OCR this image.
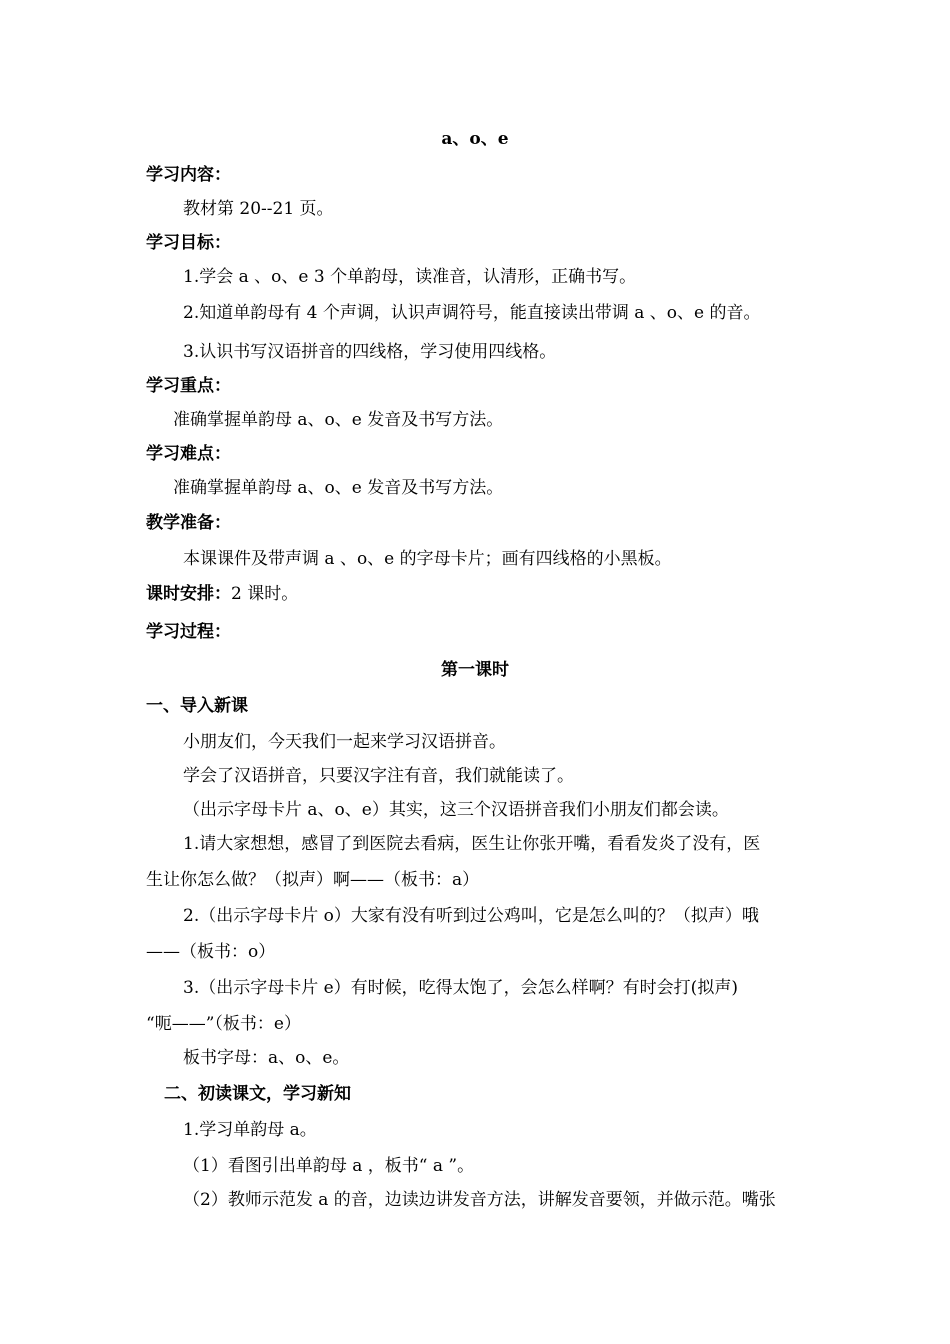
a、o、e
学习内容：
教材第 20--21 页。
学习目标：
1.学会 a 、o、e 3 个单韵母，读准音，认清形，正确书写。
2.知道单韵母有 4 个声调，认识声调符号，能直接读出带调 a 、o、e 的音。
3.认识书写汉语拼音的四线格，学习使用四线格。
学习重点：
准确掌握单韵母 a、o、e 发音及书写方法。
学习难点：
准确掌握单韵母 a、o、e 发音及书写方法。
教学准备：
本课课件及带声调 a 、o、e 的字母卡片；画有四线格的小黑板。
课时安排：2 课时。
学习过程：
第一课时
一、导入新课
小朋友们，今天我们一起来学习汉语拼音。
学会了汉语拼音，只要汉字注有音，我们就能读了。
（出示字母卡片 a、o、e）其实，这三个汉语拼音我们小朋友们都会读。
1.请大家想想，感冒了到医院去看病，医生让你张开嘴，看看发炎了没有，医
生让你怎么做？（拟声）啊——（板书：a）
2.（出示字母卡片 o）大家有没有听到过公鸡叫，它是怎么叫的？（拟声）哦
——（板书：o）
3.（出示字母卡片 e）有时候，吃得太饱了，会怎么样啊？有时会打(拟声)
“呃——”（板书：e）
板书字母：a、o、e。
二、初读课文，学习新知
1.学习单韵母 a。
（1）看图引出单韵母 a ，板书“ a ”。
（2）教师示范发 a 的音，边读边讲发音方法，讲解发音要领，并做示范。嘴张
